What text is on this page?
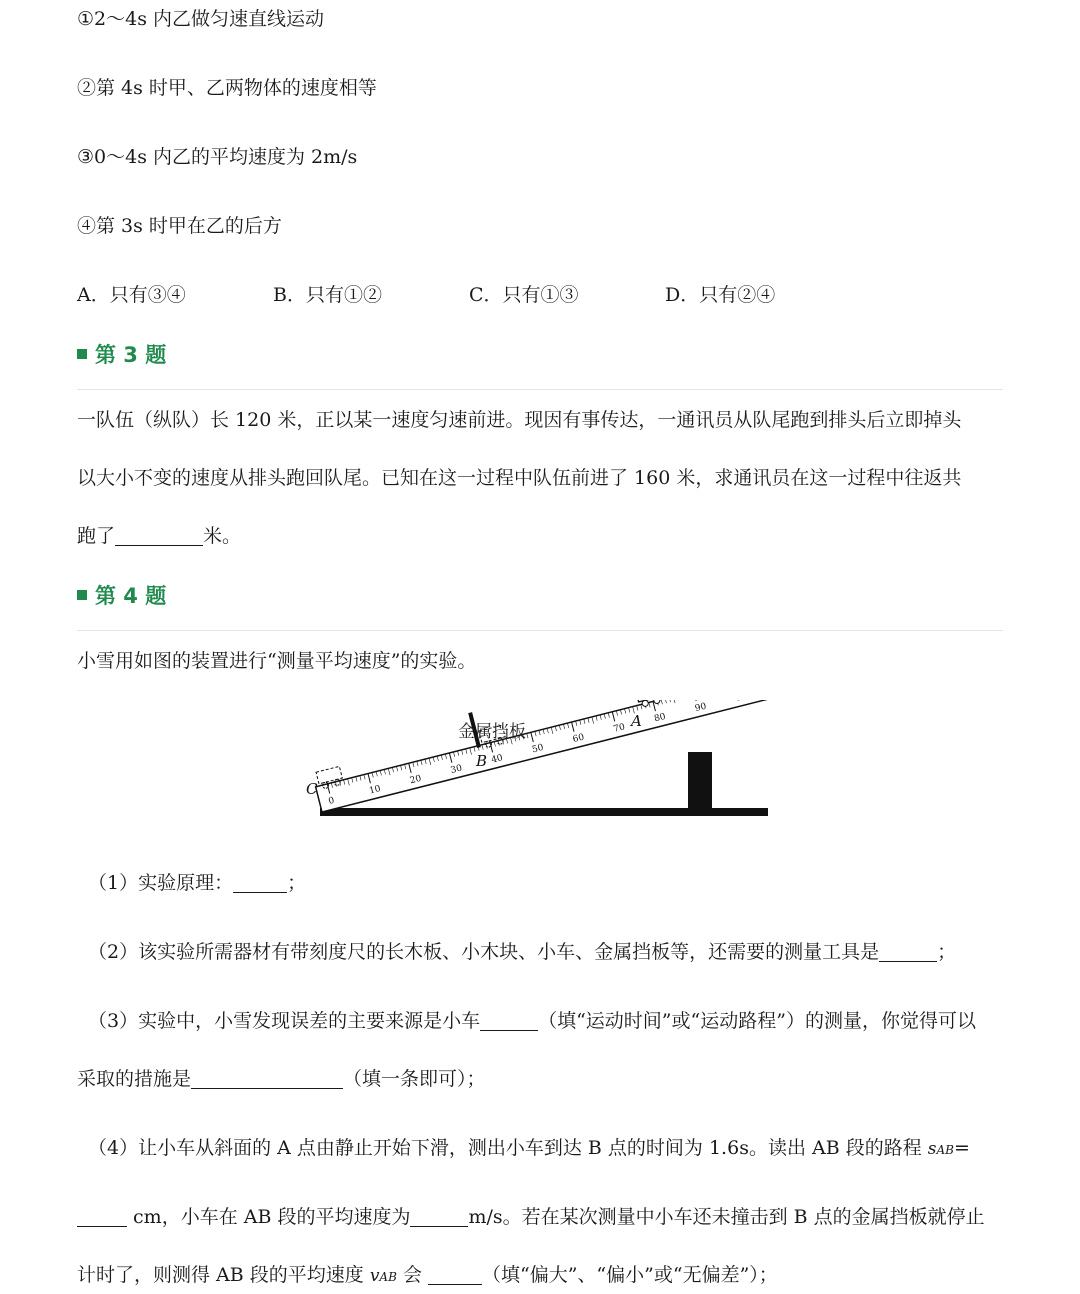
①2～4s 内乙做匀速直线运动
②第 4s 时甲、乙两物体的速度相等
③0～4s 内乙的平均速度为 2m/s
④第 3s 时甲在乙的后方
A．只有③④	B．只有①②	C．只有①③	D．只有②④
第 3 题
一队伍（纵队）长 120 米，正以某一速度匀速前进。现因有事传达，一通讯员从队尾跑到排头后立即掉头
以大小不变的速度从排头跑回队尾。已知在这一过程中队伍前进了 160 米，求通讯员在这一过程中往返共
跑了	米。
第 4 题
小雪用如图的装置进行“测量平均速度”的实验。
0
10
20
30
40
50
60
70
80
90
金属挡板
B
A
C
（1）实验原理：	；
（2）该实验所需器材有带刻度尺的长木板、小木块、小车、金属挡板等，还需要的测量工具是	；
（3）实验中，小雪发现误差的主要来源是小车	（填“运动时间”或“运动路程”）的测量，你觉得可以
采取的措施是	（填一条即可）；
（4）让小车从斜面的 A 点由静止开始下滑，测出小车到达 B 点的时间为 1.6s。读出 AB 段的路程 sAB=
cm，小车在 AB 段的平均速度为	m/s。若在某次测量中小车还未撞击到 B 点的金属挡板就停止
计时了，则测得 AB 段的平均速度 vAB 会	（填“偏大”、“偏小”或“无偏差”）；
